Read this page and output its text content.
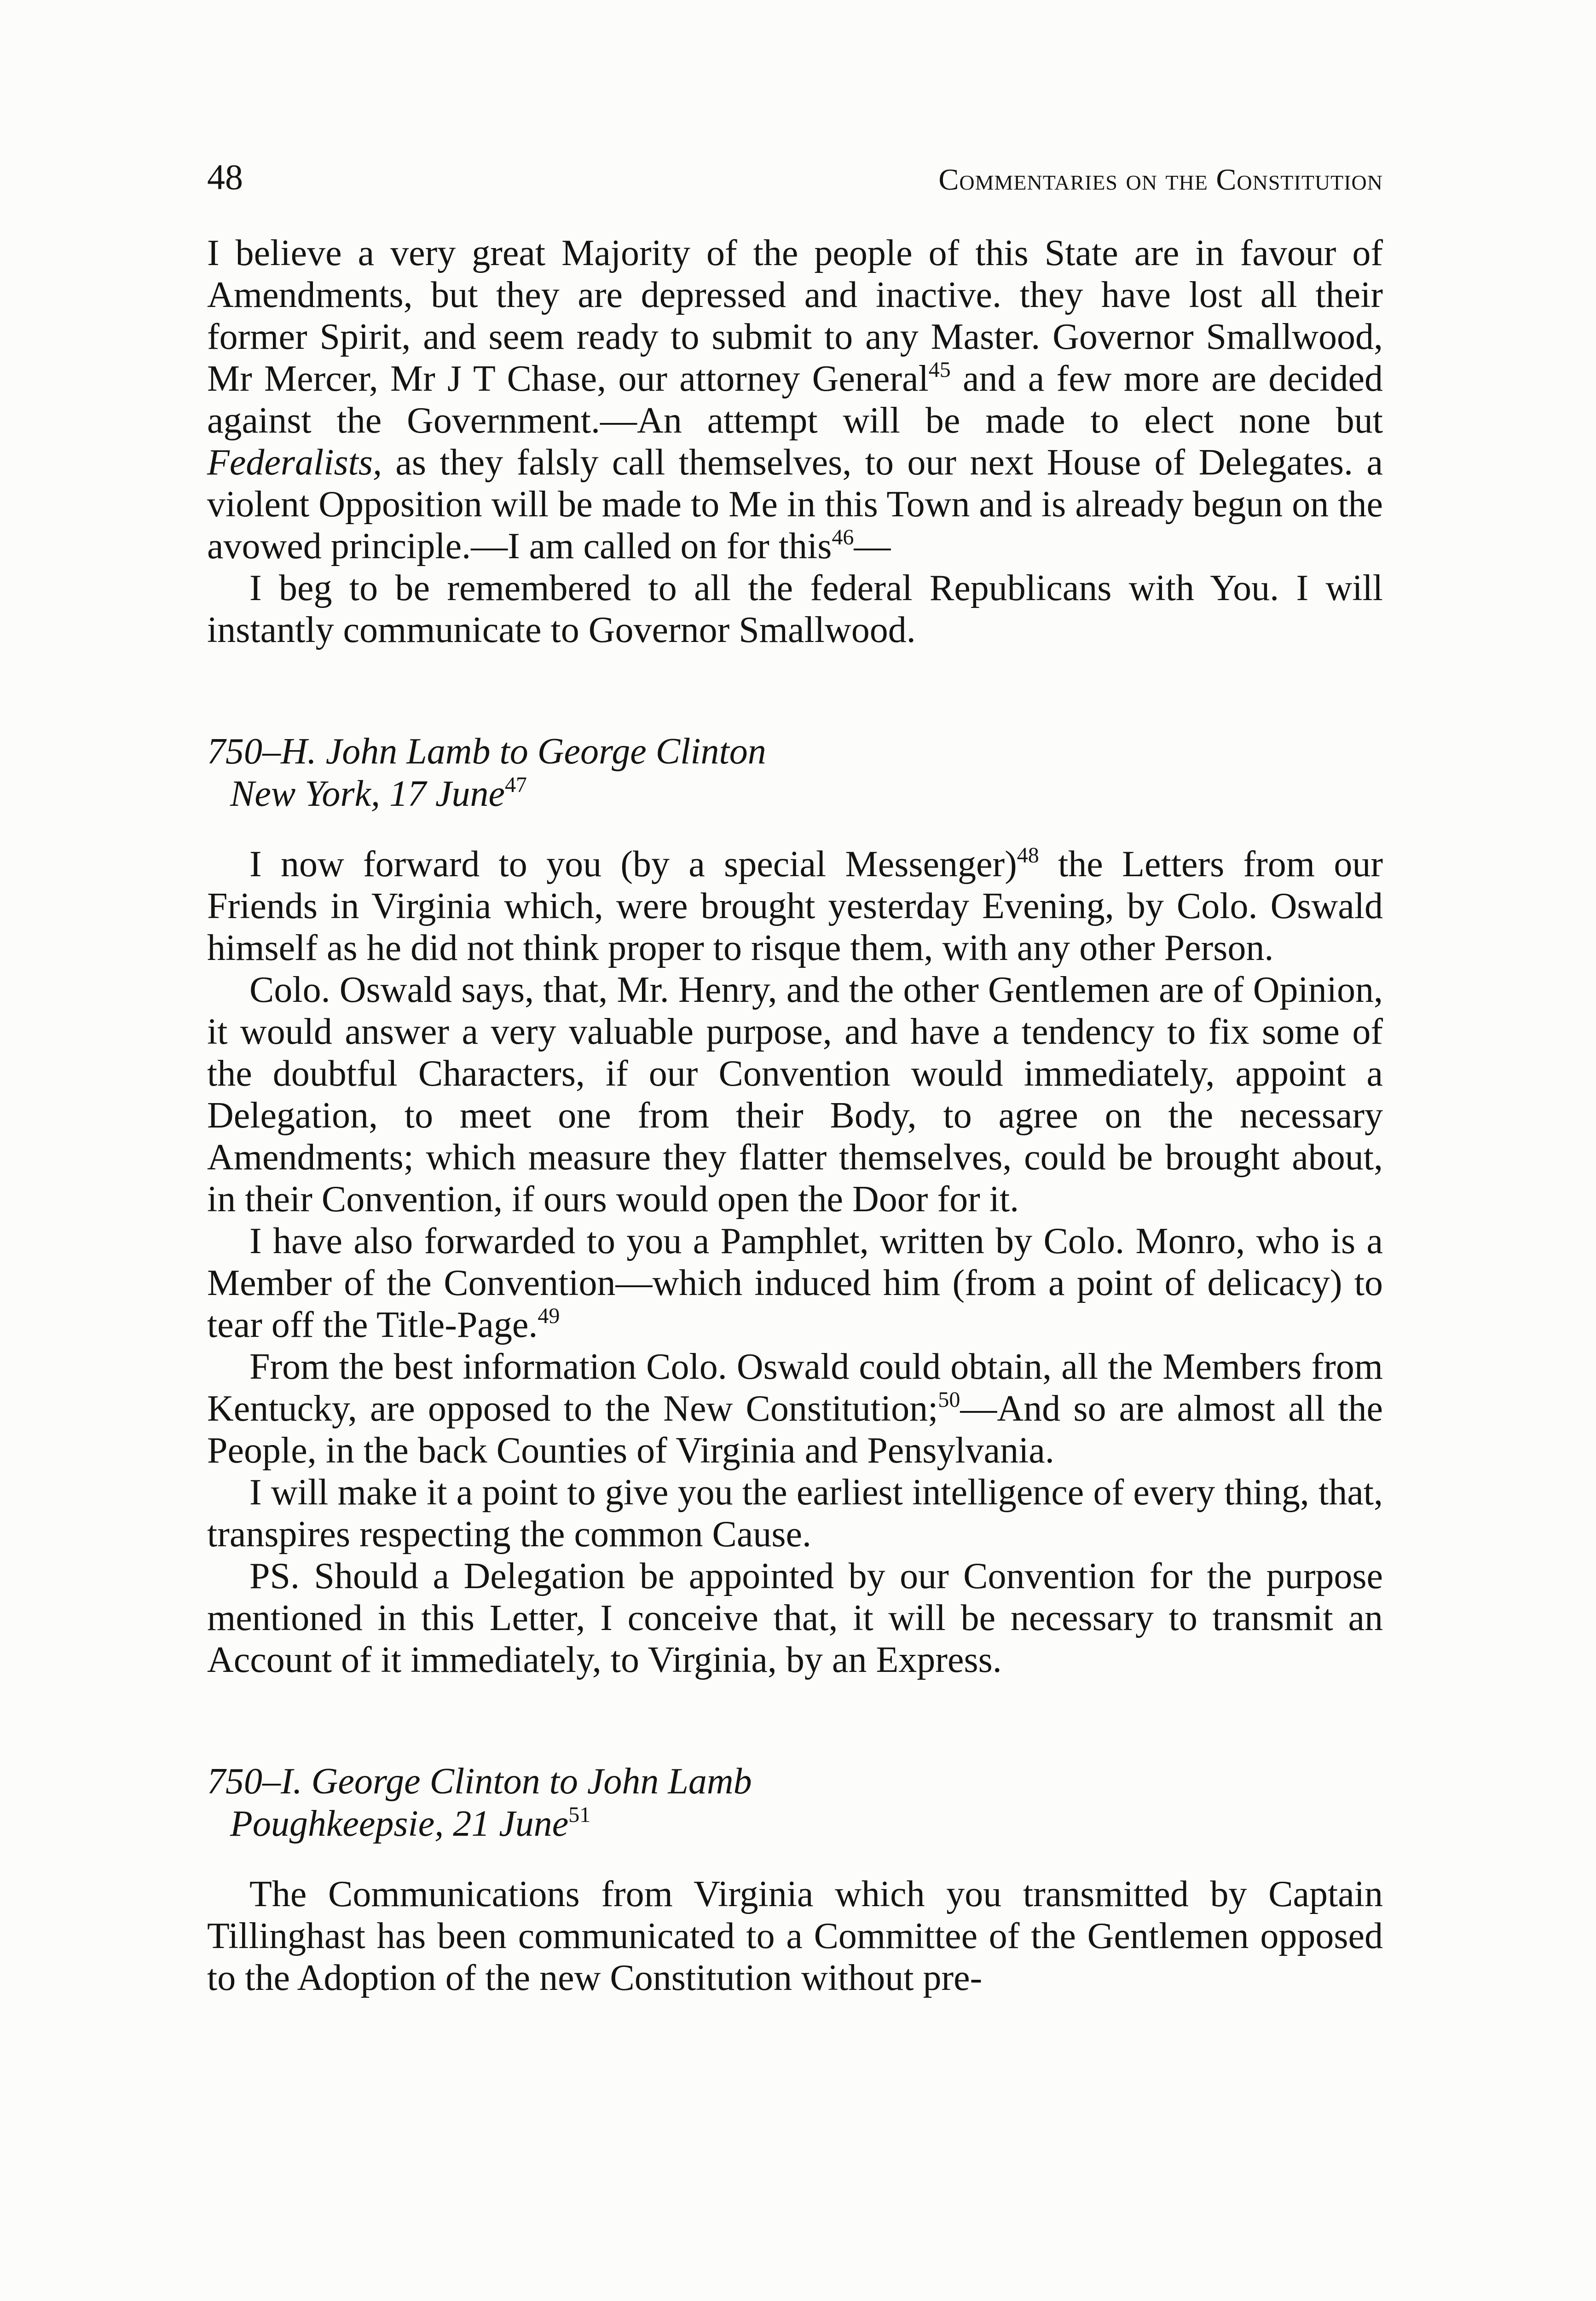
48	Commentaries on the Constitution

I believe a very great Majority of the people of this State are in favour of Amendments, but they are depressed and inactive. they have lost all their former Spirit, and seem ready to submit to any Master. Governor Smallwood, Mr Mercer, Mr J T Chase, our attorney General$^{45}$ and a few more are decided against the Government.—An attempt will be made to elect none but Federalists, as they falsly call themselves, to our next House of Delegates. a violent Opposition will be made to Me in this Town and is already begun on the avowed principle.—I am called on for this$^{46}$—

I beg to be remembered to all the federal Republicans with You. I will instantly communicate to Governor Smallwood.

750–H. John Lamb to George Clinton
New York, 17 June$^{47}$

I now forward to you (by a special Messenger)$^{48}$ the Letters from our Friends in Virginia which, were brought yesterday Evening, by Colo. Oswald himself as he did not think proper to risque them, with any other Person.

Colo. Oswald says, that, Mr. Henry, and the other Gentlemen are of Opinion, it would answer a very valuable purpose, and have a tendency to fix some of the doubtful Characters, if our Convention would immediately, appoint a Delegation, to meet one from their Body, to agree on the necessary Amendments; which measure they flatter themselves, could be brought about, in their Convention, if ours would open the Door for it.

I have also forwarded to you a Pamphlet, written by Colo. Monro, who is a Member of the Convention—which induced him (from a point of delicacy) to tear off the Title-Page.$^{49}$

From the best information Colo. Oswald could obtain, all the Members from Kentucky, are opposed to the New Constitution;$^{50}$—And so are almost all the People, in the back Counties of Virginia and Pensylvania.

I will make it a point to give you the earliest intelligence of every thing, that, transpires respecting the common Cause.

PS. Should a Delegation be appointed by our Convention for the purpose mentioned in this Letter, I conceive that, it will be necessary to transmit an Account of it immediately, to Virginia, by an Express.

750–I. George Clinton to John Lamb
Poughkeepsie, 21 June$^{51}$

The Communications from Virginia which you transmitted by Captain Tillinghast has been communicated to a Committee of the Gentlemen opposed to the Adoption of the new Constitution without pre-
